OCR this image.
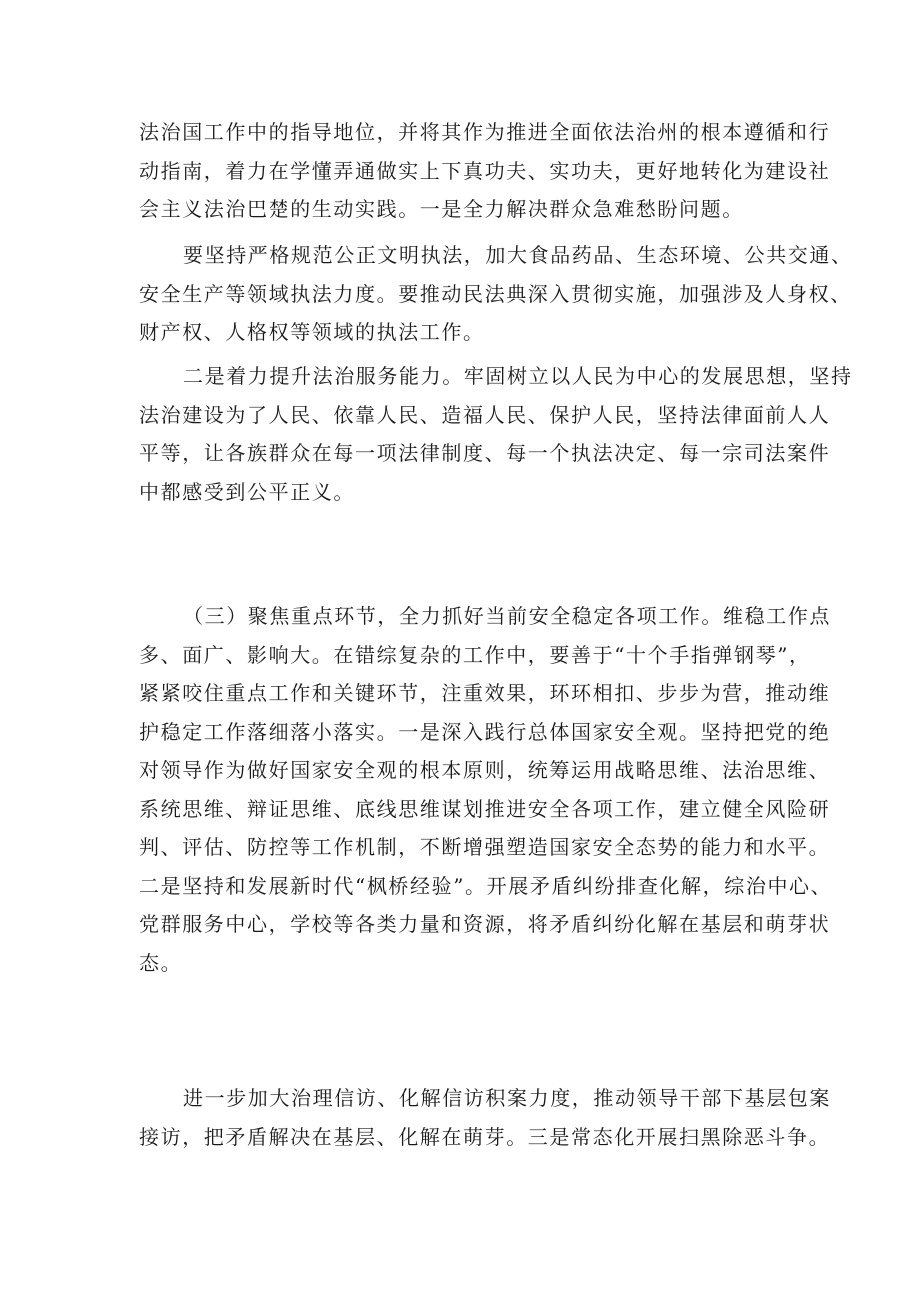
法治国工作中的指导地位，并将其作为推进全面依法治州的根本遵循和行
动指南，着力在学懂弄通做实上下真功夫、实功夫，更好地转化为建设社
会主义法治巴楚的生动实践。一是全力解决群众急难愁盼问题。

要坚持严格规范公正文明执法，加大食品药品、生态环境、公共交通、
安全生产等领域执法力度。要推动民法典深入贯彻实施，加强涉及人身权、
财产权、人格权等领域的执法工作。

二是着力提升法治服务能力。牢固树立以人民为中心的发展思想，坚持
法治建设为了人民、依靠人民、造福人民、保护人民，坚持法律面前人人
平等，让各族群众在每一项法律制度、每一个执法决定、每一宗司法案件
中都感受到公平正义。

（三）聚焦重点环节，全力抓好当前安全稳定各项工作。维稳工作点
多、面广、影响大。在错综复杂的工作中，要善于“十个手指弹钢琴”，
紧紧咬住重点工作和关键环节，注重效果，环环相扣、步步为营，推动维
护稳定工作落细落小落实。一是深入践行总体国家安全观。坚持把党的绝
对领导作为做好国家安全观的根本原则，统筹运用战略思维、法治思维、
系统思维、辩证思维、底线思维谋划推进安全各项工作，建立健全风险研
判、评估、防控等工作机制，不断增强塑造国家安全态势的能力和水平。
二是坚持和发展新时代“枫桥经验”。开展矛盾纠纷排查化解，综治中心、
党群服务中心，学校等各类力量和资源，将矛盾纠纷化解在基层和萌芽状
态。

进一步加大治理信访、化解信访积案力度，推动领导干部下基层包案
接访，把矛盾解决在基层、化解在萌芽。三是常态化开展扫黑除恶斗争。
